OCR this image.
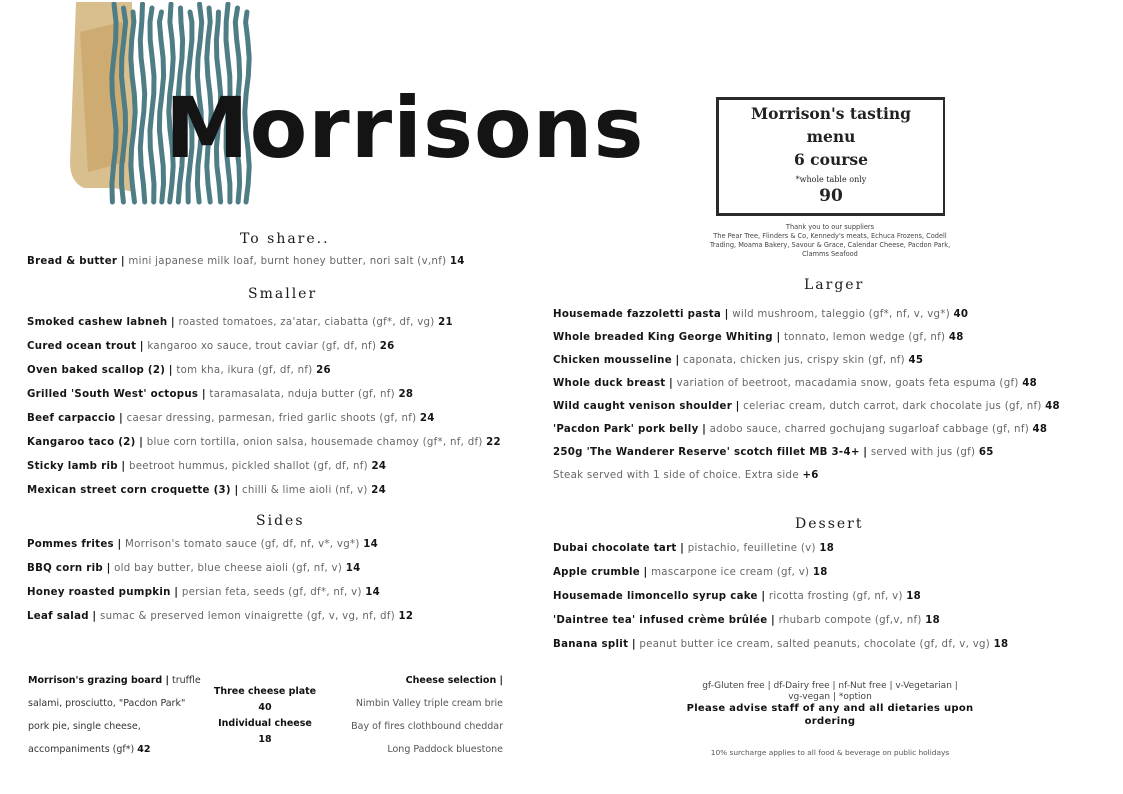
Morrisons	Morrison's tasting
menu
6 course
*whole table only
90
Thank you to our suppliers
The Pear Tree, Flinders & Co, Kennedy's meats, Echuca Frozens, Codell
Trading, Moama Bakery, Savour & Grace, Calendar Cheese, Pacdon Park,
Clamms Seafood
To share..
Smaller
Sides
Larger
Dessert
Bread & butter | mini japanese milk loaf, burnt honey butter, nori salt (v,nf) 14
Smoked cashew labneh | roasted tomatoes, za'atar, ciabatta (gf*, df, vg) 21
Cured ocean trout | kangaroo xo sauce, trout caviar (gf, df, nf) 26
Oven baked scallop (2) | tom kha, ikura (gf, df, nf) 26
Grilled 'South West' octopus | taramasalata, nduja butter (gf, nf) 28
Beef carpaccio | caesar dressing, parmesan, fried garlic shoots (gf, nf) 24
Kangaroo taco (2) | blue corn tortilla, onion salsa, housemade chamoy (gf*, nf, df) 22
Sticky lamb rib | beetroot hummus, pickled shallot (gf, df, nf) 24
Mexican street corn croquette (3) | chilli & lime aioli (nf, v) 24
Pommes frites | Morrison's tomato sauce (gf, df, nf, v*, vg*) 14
BBQ corn rib | old bay butter, blue cheese aioli (gf, nf, v) 14
Honey roasted pumpkin | persian feta, seeds (gf, df*, nf, v) 14
Leaf salad | sumac & preserved lemon vinaigrette (gf, v, vg, nf, df) 12
Housemade fazzoletti pasta | wild mushroom, taleggio (gf*, nf, v, vg*) 40
Whole breaded King George Whiting | tonnato, lemon wedge (gf, nf) 48
Chicken mousseline | caponata, chicken jus, crispy skin (gf, nf) 45
Whole duck breast | variation of beetroot, macadamia snow, goats feta espuma (gf) 48
Wild caught venison shoulder | celeriac cream, dutch carrot, dark chocolate jus (gf, nf) 48
'Pacdon Park' pork belly | adobo sauce, charred gochujang sugarloaf cabbage (gf, nf) 48
250g 'The Wanderer Reserve' scotch fillet MB 3-4+ | served with jus (gf) 65
Dubai chocolate tart | pistachio, feuilletine (v) 18
Apple crumble | mascarpone ice cream (gf, v) 18
Housemade limoncello syrup cake | ricotta frosting (gf, nf, v) 18
'Daintree tea' infused crème brûlée | rhubarb compote (gf,v, nf) 18
Banana split | peanut butter ice cream, salted peanuts, chocolate (gf, df, v, vg) 18
Steak served with 1 side of choice. Extra side +6
Morrison's grazing board | truffle
salami, prosciutto, "Pacdon Park"
pork pie, single cheese,
accompaniments (gf*) 42
Three cheese plate
40
Individual cheese
18
Cheese selection |
Nimbin Valley triple cream brie
Bay of fires clothbound cheddar
Long Paddock bluestone
gf-Gluten free | df-Dairy free | nf-Nut free | v-Vegetarian |
vg-vegan | *option
Please advise staff of any and all dietaries upon
ordering
10% surcharge applies to all food & beverage on public holidays
